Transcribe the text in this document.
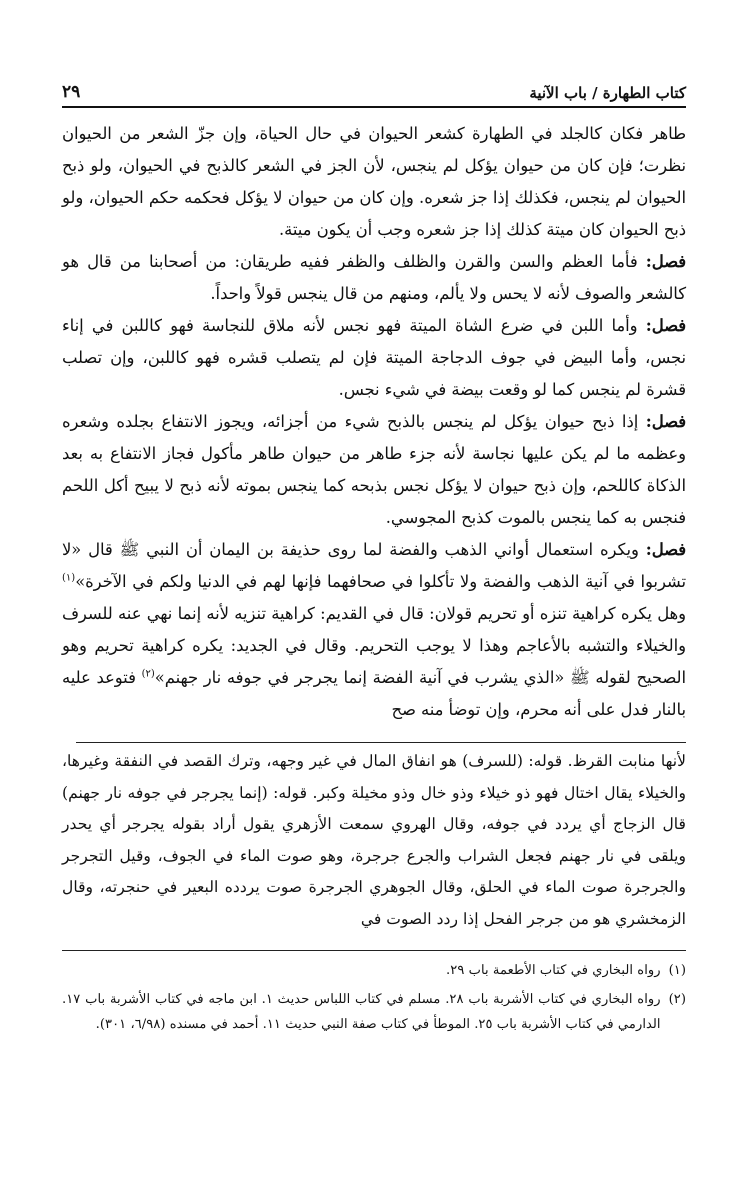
٢٩	كتاب الطهارة / باب الآنية

طاهر فكان كالجلد في الطهارة كشعر الحيوان في حال الحياة، وإن جزّ الشعر من الحيوان نظرت؛ فإن كان من حيوان يؤكل لم ينجس، لأن الجز في الشعر كالذبح في الحيوان، ولو ذبح الحيوان لم ينجس، فكذلك إذا جز شعره. وإن كان من حيوان لا يؤكل فحكمه حكم الحيوان، ولو ذبح الحيوان كان ميتة كذلك إذا جز شعره وجب أن يكون ميتة.

فصل: فأما العظم والسن والقرن والظلف والظفر ففيه طريقان: من أصحابنا من قال هو كالشعر والصوف لأنه لا يحس ولا يألم، ومنهم من قال ينجس قولاً واحداً.

فصل: وأما اللبن في ضرع الشاة الميتة فهو نجس لأنه ملاق للنجاسة فهو كاللبن في إناء نجس، وأما البيض في جوف الدجاجة الميتة فإن لم يتصلب قشره فهو كاللبن، وإن تصلب قشرة لم ينجس كما لو وقعت بيضة في شيء نجس.

فصل: إذا ذبح حيوان يؤكل لم ينجس بالذبح شيء من أجزائه، ويجوز الانتفاع بجلده وشعره وعظمه ما لم يكن عليها نجاسة لأنه جزء طاهر من حيوان طاهر مأكول فجاز الانتفاع به بعد الذكاة كاللحم، وإن ذبح حيوان لا يؤكل نجس بذبحه كما ينجس بموته لأنه ذبح لا يبيح أكل اللحم فنجس به كما ينجس بالموت كذبح المجوسي.

فصل: ويكره استعمال أواني الذهب والفضة لما روى حذيفة بن اليمان أن النبي ﷺ قال «لا تشربوا في آنية الذهب والفضة ولا تأكلوا في صحافهما فإنها لهم في الدنيا ولكم في الآخرة»$^{(١)}$ وهل يكره كراهية تنزه أو تحريم قولان: قال في القديم: كراهية تنزيه لأنه إنما نهي عنه للسرف والخيلاء والتشبه بالأعاجم وهذا لا يوجب التحريم. وقال في الجديد: يكره كراهية تحريم وهو الصحيح لقوله ﷺ «الذي يشرب في آنية الفضة إنما يجرجر في جوفه نار جهنم»$^{(٢)}$ فتوعد عليه بالنار فدل على أنه محرم، وإن توضأ منه صح

لأنها منابت القرظ. قوله: (للسرف) هو انفاق المال في غير وجهه، وترك القصد في النفقة وغيرها، والخيلاء يقال اختال فهو ذو خيلاء وذو خال وذو مخيلة وكبر. قوله: (إنما يجرجر في جوفه نار جهنم) قال الزجاج أي يردد في جوفه، وقال الهروي سمعت الأزهري يقول أراد بقوله يجرجر أي يحدر ويلقى في نار جهنم فجعل الشراب والجرع جرجرة، وهو صوت الماء في الجوف، وقيل التجرجر والجرجرة صوت الماء في الحلق، وقال الجوهري الجرجرة صوت يردده البعير في حنجرته، وقال الزمخشري هو من جرجر الفحل إذا ردد الصوت في

(١)
رواه البخاري في كتاب الأطعمة باب ٢٩.
(٢)
رواه البخاري في كتاب الأشربة باب ٢٨. مسلم في كتاب اللباس حديث ١. ابن ماجه في كتاب الأشربة باب ١٧. الدارمي في كتاب الأشربة باب ٢٥. الموطأ في كتاب صفة النبي حديث ١١. أحمد في مسنده (٦/٩٨، ٣٠١).
